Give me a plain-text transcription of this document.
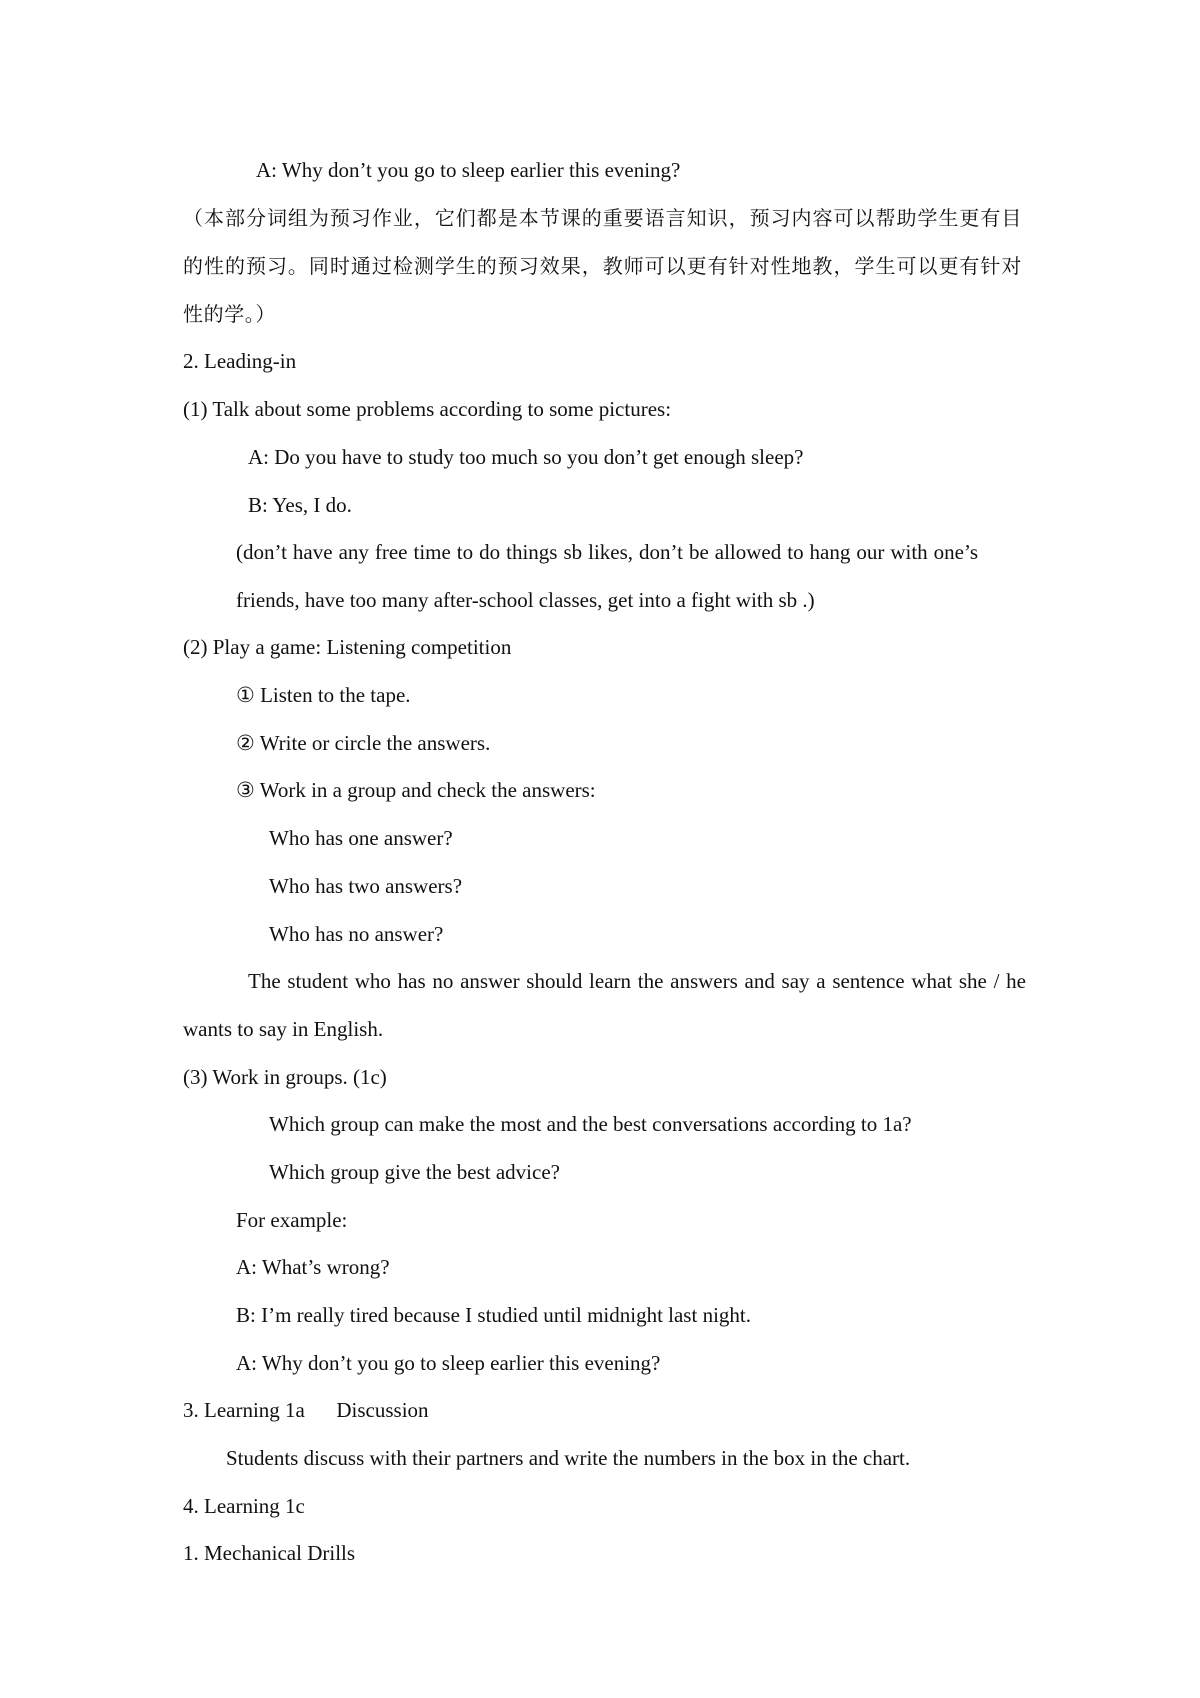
A: Why don’t you go to sleep earlier this evening?
（本部分词组为预习作业，它们都是本节课的重要语言知识，预习内容可以帮助学生更有目
的性的预习。同时通过检测学生的预习效果，教师可以更有针对性地教，学生可以更有针对
性的学。）
2. Leading-in
(1) Talk about some problems according to some pictures:
A: Do you have to study too much so you don’t get enough sleep?
B: Yes, I do.
(don’t have any free time to do things sb likes, don’t be allowed to hang our with one’s
friends, have too many after-school classes, get into a fight with sb .)
(2) Play a game: Listening competition
① Listen to the tape.
② Write or circle the answers.
③ Work in a group and check the answers:
Who has one answer?
Who has two answers?
Who has no answer?
The student who has no answer should learn the answers and say a sentence what she / he
wants to say in English.
(3) Work in groups. (1c)
Which group can make the most and the best conversations according to 1a?
Which group give the best advice?
For example:
A: What’s wrong?
B: I’m really tired because I studied until midnight last night.
A: Why don’t you go to sleep earlier this evening?
3. Learning 1a      Discussion
Students discuss with their partners and write the numbers in the box in the chart.
4. Learning 1c
1. Mechanical Drills
